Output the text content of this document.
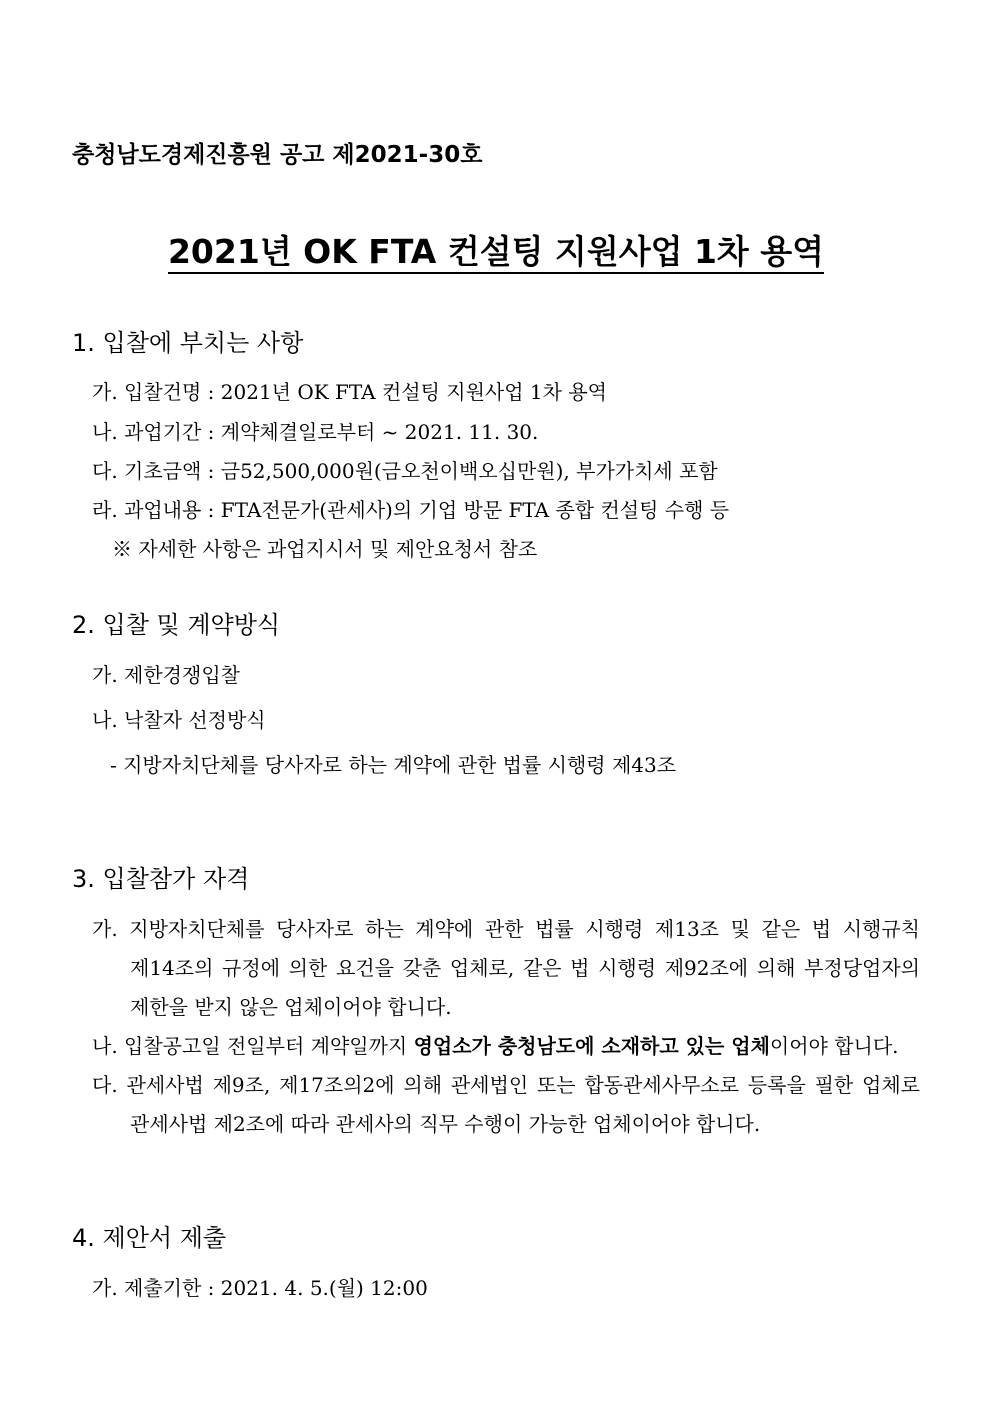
충청남도경제진흥원 공고 제2021-30호
2021년 OK FTA 컨설팅 지원사업 1차 용역
1. 입찰에 부치는 사항
가. 입찰건명 : 2021년 OK FTA 컨설팅 지원사업 1차 용역
나. 과업기간 : 계약체결일로부터 ~ 2021. 11. 30.
다. 기초금액 : 금52,500,000원(금오천이백오십만원), 부가가치세 포함
라. 과업내용 : FTA전문가(관세사)의 기업 방문 FTA 종합 컨설팅 수행 등
※ 자세한 사항은 과업지시서 및 제안요청서 참조
2. 입찰 및 계약방식
가. 제한경쟁입찰
나. 낙찰자 선정방식
- 지방자치단체를 당사자로 하는 계약에 관한 법률 시행령 제43조
3. 입찰참가 자격
가. 지방자치단체를 당사자로 하는 계약에 관한 법률 시행령 제13조 및 같은 법 시행규칙
제14조의 규정에 의한 요건을 갖춘 업체로, 같은 법 시행령 제92조에 의해 부정당업자의
제한을 받지 않은 업체이어야 합니다.
나. 입찰공고일 전일부터 계약일까지 영업소가 충청남도에 소재하고 있는 업체이어야 합니다.
다. 관세사법 제9조, 제17조의2에 의해 관세법인 또는 합동관세사무소로 등록을 필한 업체로
관세사법 제2조에 따라 관세사의 직무 수행이 가능한 업체이어야 합니다.
4. 제안서 제출
가. 제출기한 : 2021. 4. 5.(월) 12:00
